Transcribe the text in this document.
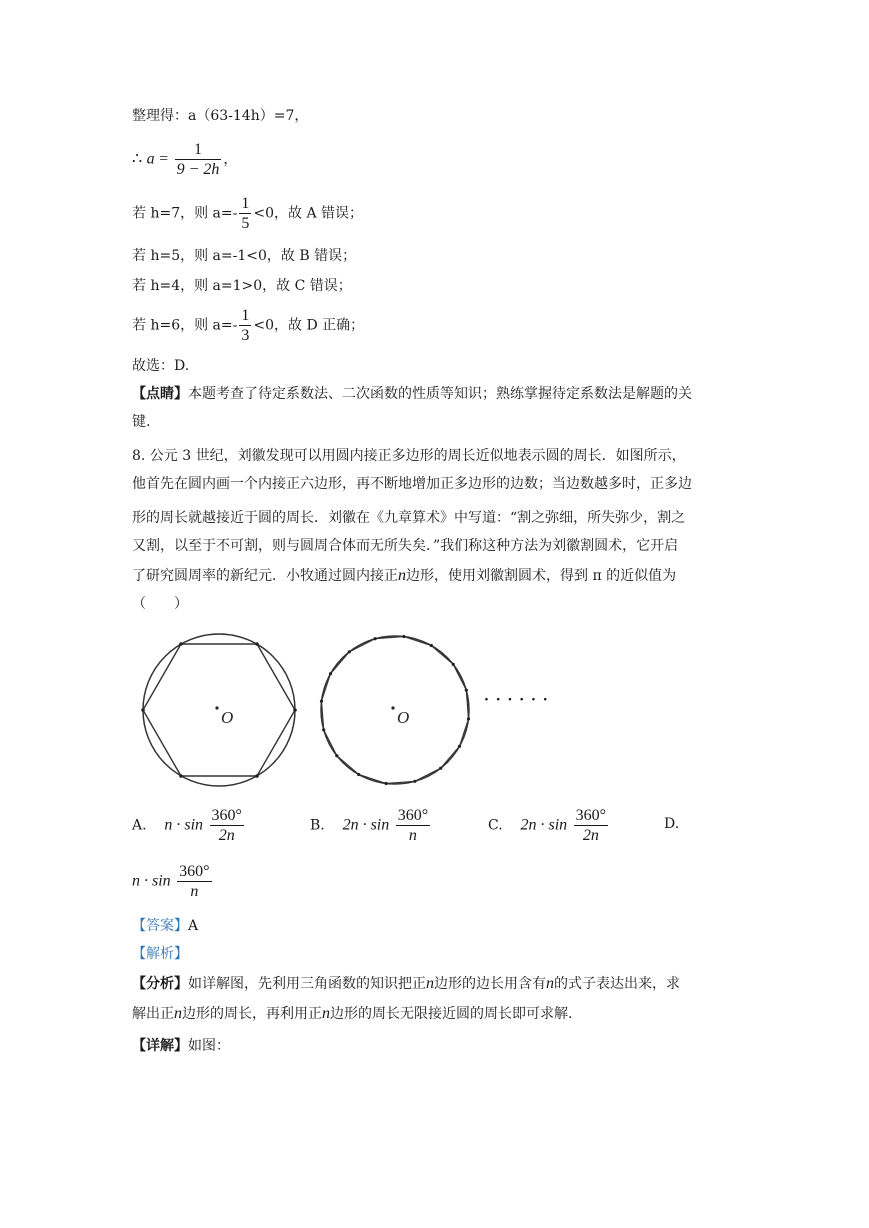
整理得：a（63-14h）=7，
∴ $a = \frac{1}{9 - 2h}$ ，
若 h=7，则 $a=- \frac{1}{5} <0$，故 A 错误；
若 h=5，则 a=-1<0，故 B 错误；
若 h=4，则 a=1>0，故 C 错误；
若 h=6，则 $a=- \frac{1}{3} <0$，故 D 正确；
故选：D.
【点睛】本题考查了待定系数法、二次函数的性质等知识；熟练掌握待定系数法是解题的关
键.
8. 公元 3 世纪，刘徽发现可以用圆内接正多边形的周长近似地表示圆的周长．如图所示，
他首先在圆内画一个内接正六边形，再不断地增加正多边形的边数；当边数越多时，正多边
形的周长就越接近于圆的周长．刘徽在《九章算术》中写道：“割之弥细，所失弥少，割之
又割，以至于不可割，则与圆周合体而无所失矣．”我们称这种方法为刘徽割圆术，它开启
了研究圆周率的新纪元．小牧通过圆内接正n边形，使用刘徽割圆术，得到 π 的近似值为
（　　）
O	O
· · · · · ·
A. $n \cdot \sin \frac{360^\circ}{2n}$	B. $2n \cdot \sin \frac{360^\circ}{n}$	C. $2n \cdot \sin \frac{360^\circ}{2n}$	D.
$n \cdot \sin \frac{360^\circ}{n}$
【答案】A
【解析】
【分析】如详解图，先利用三角函数的知识把正n边形的边长用含有n的式子表达出来，求
解出正n边形的周长，再利用正n边形的周长无限接近圆的周长即可求解.
【详解】如图：
